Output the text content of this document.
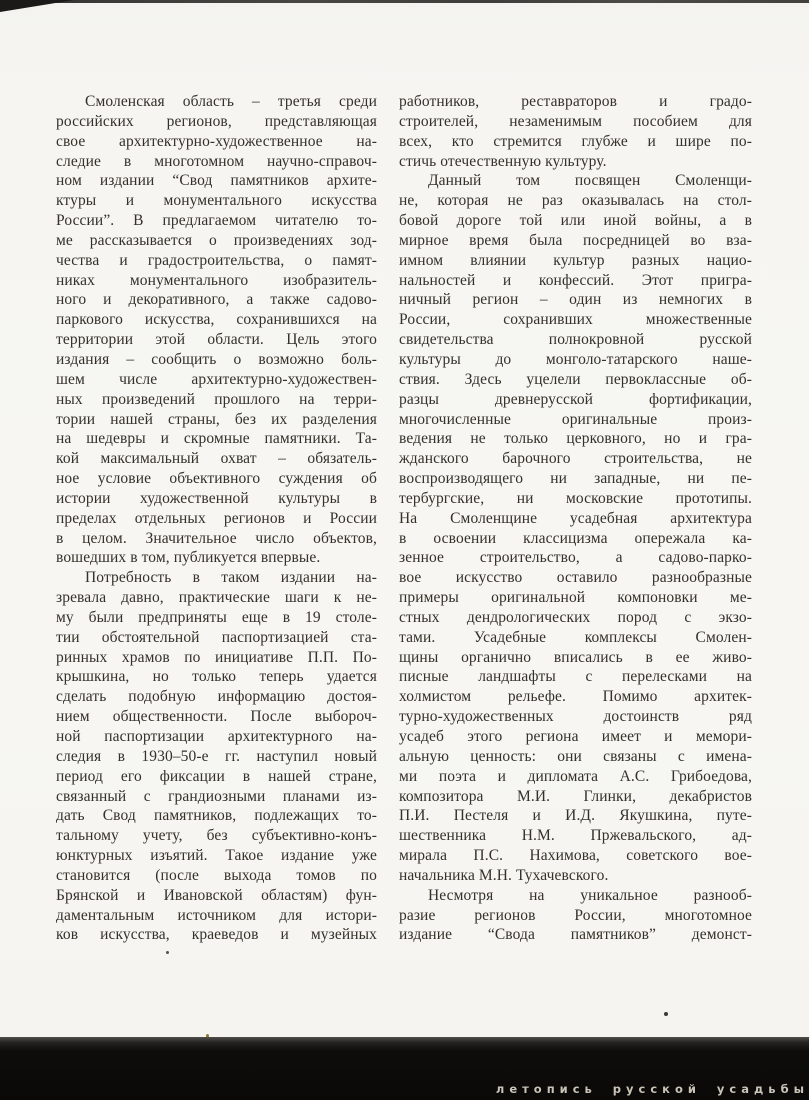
Смоленская область – третья среди
российских регионов, представляющая
свое архитектурно-художественное на-
следие в многотомном научно-справоч-
ном издании “Свод памятников архите-
ктуры и монументального искусства
России”. В предлагаемом читателю то-
ме рассказывается о произведениях зод-
чества и градостроительства, о памят-
никах монументального изобразитель-
ного и декоративного, а также садово-
паркового искусства, сохранившихся на
территории этой области. Цель этого
издания – сообщить о возможно боль-
шем числе архитектурно-художествен-
ных произведений прошлого на терри-
тории нашей страны, без их разделения
на шедевры и скромные памятники. Та-
кой максимальный охват – обязатель-
ное условие объективного суждения об
истории художественной культуры в
пределах отдельных регионов и России
в целом. Значительное число объектов,
вошедших в том, публикуется впервые.
Потребность в таком издании на-
зревала давно, практические шаги к не-
му были предприняты еще в 19 столе-
тии обстоятельной паспортизацией ста-
ринных храмов по инициативе П.П. По-
крышкина, но только теперь удается
сделать подобную информацию достоя-
нием общественности. После выбороч-
ной паспортизации архитектурного на-
следия в 1930–50-е гг. наступил новый
период его фиксации в нашей стране,
связанный с грандиозными планами из-
дать Свод памятников, подлежащих то-
тальному учету, без субъективно-конъ-
юнктурных изъятий. Такое издание уже
становится (после выхода томов по
Брянской и Ивановской областям) фун-
даментальным источником для истори-
ков искусства, краеведов и музейных
работников, реставраторов и градо-
строителей, незаменимым пособием для
всех, кто стремится глубже и шире по-
стичь отечественную культуру.
Данный том посвящен Смоленщи-
не, которая не раз оказывалась на стол-
бовой дороге той или иной войны, а в
мирное время была посредницей во вза-
имном влиянии культур разных нацио-
нальностей и конфессий. Этот пригра-
ничный регион – один из немногих в
России, сохранивших множественные
свидетельства полнокровной русской
культуры до монголо-татарского наше-
ствия. Здесь уцелели первоклассные об-
разцы древнерусской фортификации,
многочисленные оригинальные произ-
ведения не только церковного, но и гра-
жданского барочного строительства, не
воспроизводящего ни западные, ни пе-
тербургские, ни московские прототипы.
На Смоленщине усадебная архитектура
в освоении классицизма опережала ка-
зенное строительство, а садово-парко-
вое искусство оставило разнообразные
примеры оригинальной компоновки ме-
стных дендрологических пород с экзо-
тами. Усадебные комплексы Смолен-
щины органично вписались в ее живо-
писные ландшафты с перелесками на
холмистом рельефе. Помимо архитек-
турно-художественных достоинств ряд
усадеб этого региона имеет и мемори-
альную ценность: они связаны с имена-
ми поэта и дипломата А.С. Грибоедова,
композитора М.И. Глинки, декабристов
П.И. Пестеля и И.Д. Якушкина, путе-
шественника Н.М. Пржевальского, ад-
мирала П.С. Нахимова, советского вое-
начальника М.Н. Тухачевского.
Несмотря на уникальное разнооб-
разие регионов России, многотомное
издание “Свода памятников” демонст-
летопись русской усадьбы
